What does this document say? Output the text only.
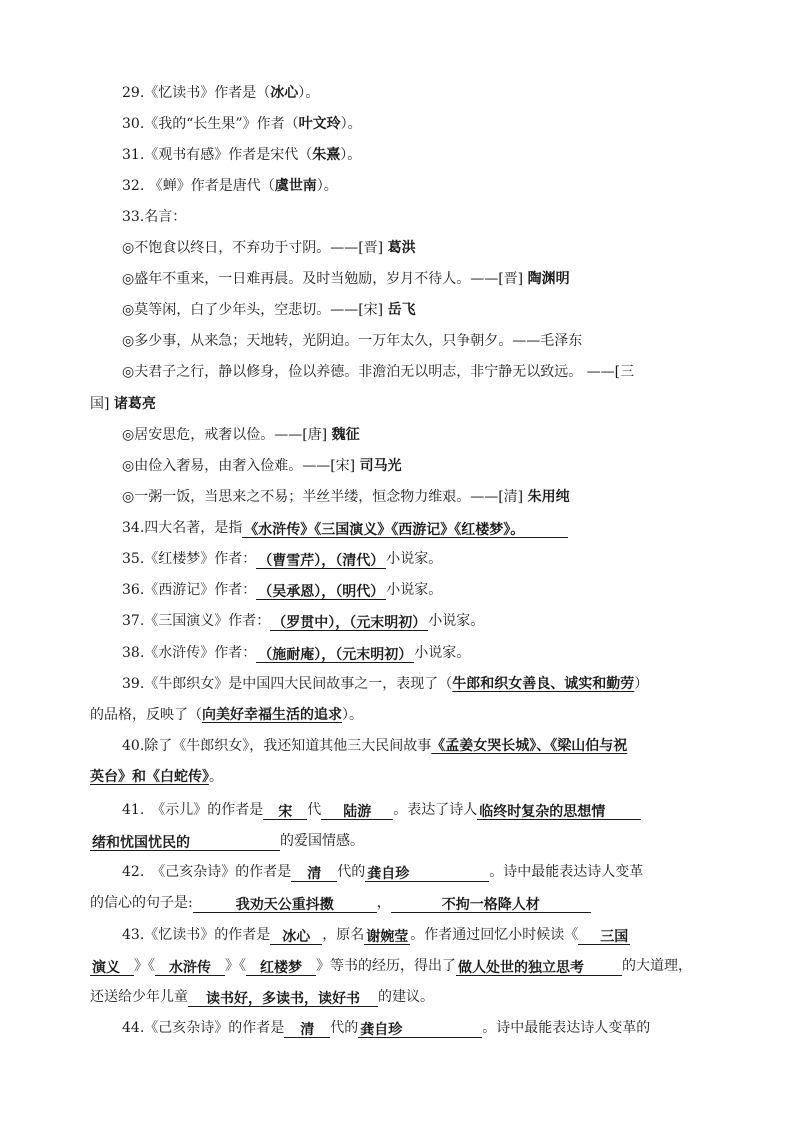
29.《忆读书》作者是（冰心）。
30.《我的“长生果”》作者（叶文玲）。
31.《观书有感》作者是宋代（朱熹）。
32. 《蝉》作者是唐代（虞世南）。
33.名言：
◎不饱食以终日，不弃功于寸阴。——[晋] 葛洪
◎盛年不重来，一日难再晨。及时当勉励，岁月不待人。——[晋] 陶渊明
◎莫等闲，白了少年头，空悲切。——[宋] 岳飞
◎多少事，从来急；天地转，光阴迫。一万年太久，只争朝夕。——毛泽东
◎夫君子之行，静以修身，俭以养德。非澹泊无以明志，非宁静无以致远。 ——[三
国] 诸葛亮
◎居安思危，戒奢以俭。——[唐] 魏征
◎由俭入奢易，由奢入俭难。——[宋] 司马光
◎一粥一饭，当思来之不易；半丝半缕，恒念物力维艰。——[清] 朱用纯
34.四大名著，是指 《水浒传》《三国演义》《西游记》《红楼梦》。
35.《红楼梦》作者： （曹雪芹），（清代） 小说家。
36.《西游记》作者： （吴承恩），（明代） 小说家。
37.《三国演义》作者： （罗贯中），（元末明初） 小说家。
38.《水浒传》作者： （施耐庵），（元末明初） 小说家。
39.《牛郎织女》是中国四大民间故事之一，表现了（牛郎和织女善良、诚实和勤劳）
的品格，反映了（向美好幸福生活的追求）。
40.除了《牛郎织女》，我还知道其他三大民间故事《孟姜女哭长城》、《梁山伯与祝
英台》和《白蛇传》。
41.　《示儿》的作者是 宋 代 陆游 。表达了诗人 临终时复杂的思想情
绪和忧国忧民的	的爱国情感。
42.　《己亥杂诗》的作者是 清 代的 龚自珍	。诗中最能表达诗人变革
的信心的句子是:	我劝天公重抖擞	，	不拘一格降人材
43.《忆读书》的作者是 冰心 ，原名 谢婉莹 。作者通过回忆小时候读《 三国
演义 》《 水浒传 》《 红楼梦 》等书的经历，得出了 做人处世的独立思考	的大道理，
还送给少年儿童 读书好，多读书，读好书 的建议。
44.《己亥杂诗》的作者是 清 代的 龚自珍	。诗中最能表达诗人变革的
